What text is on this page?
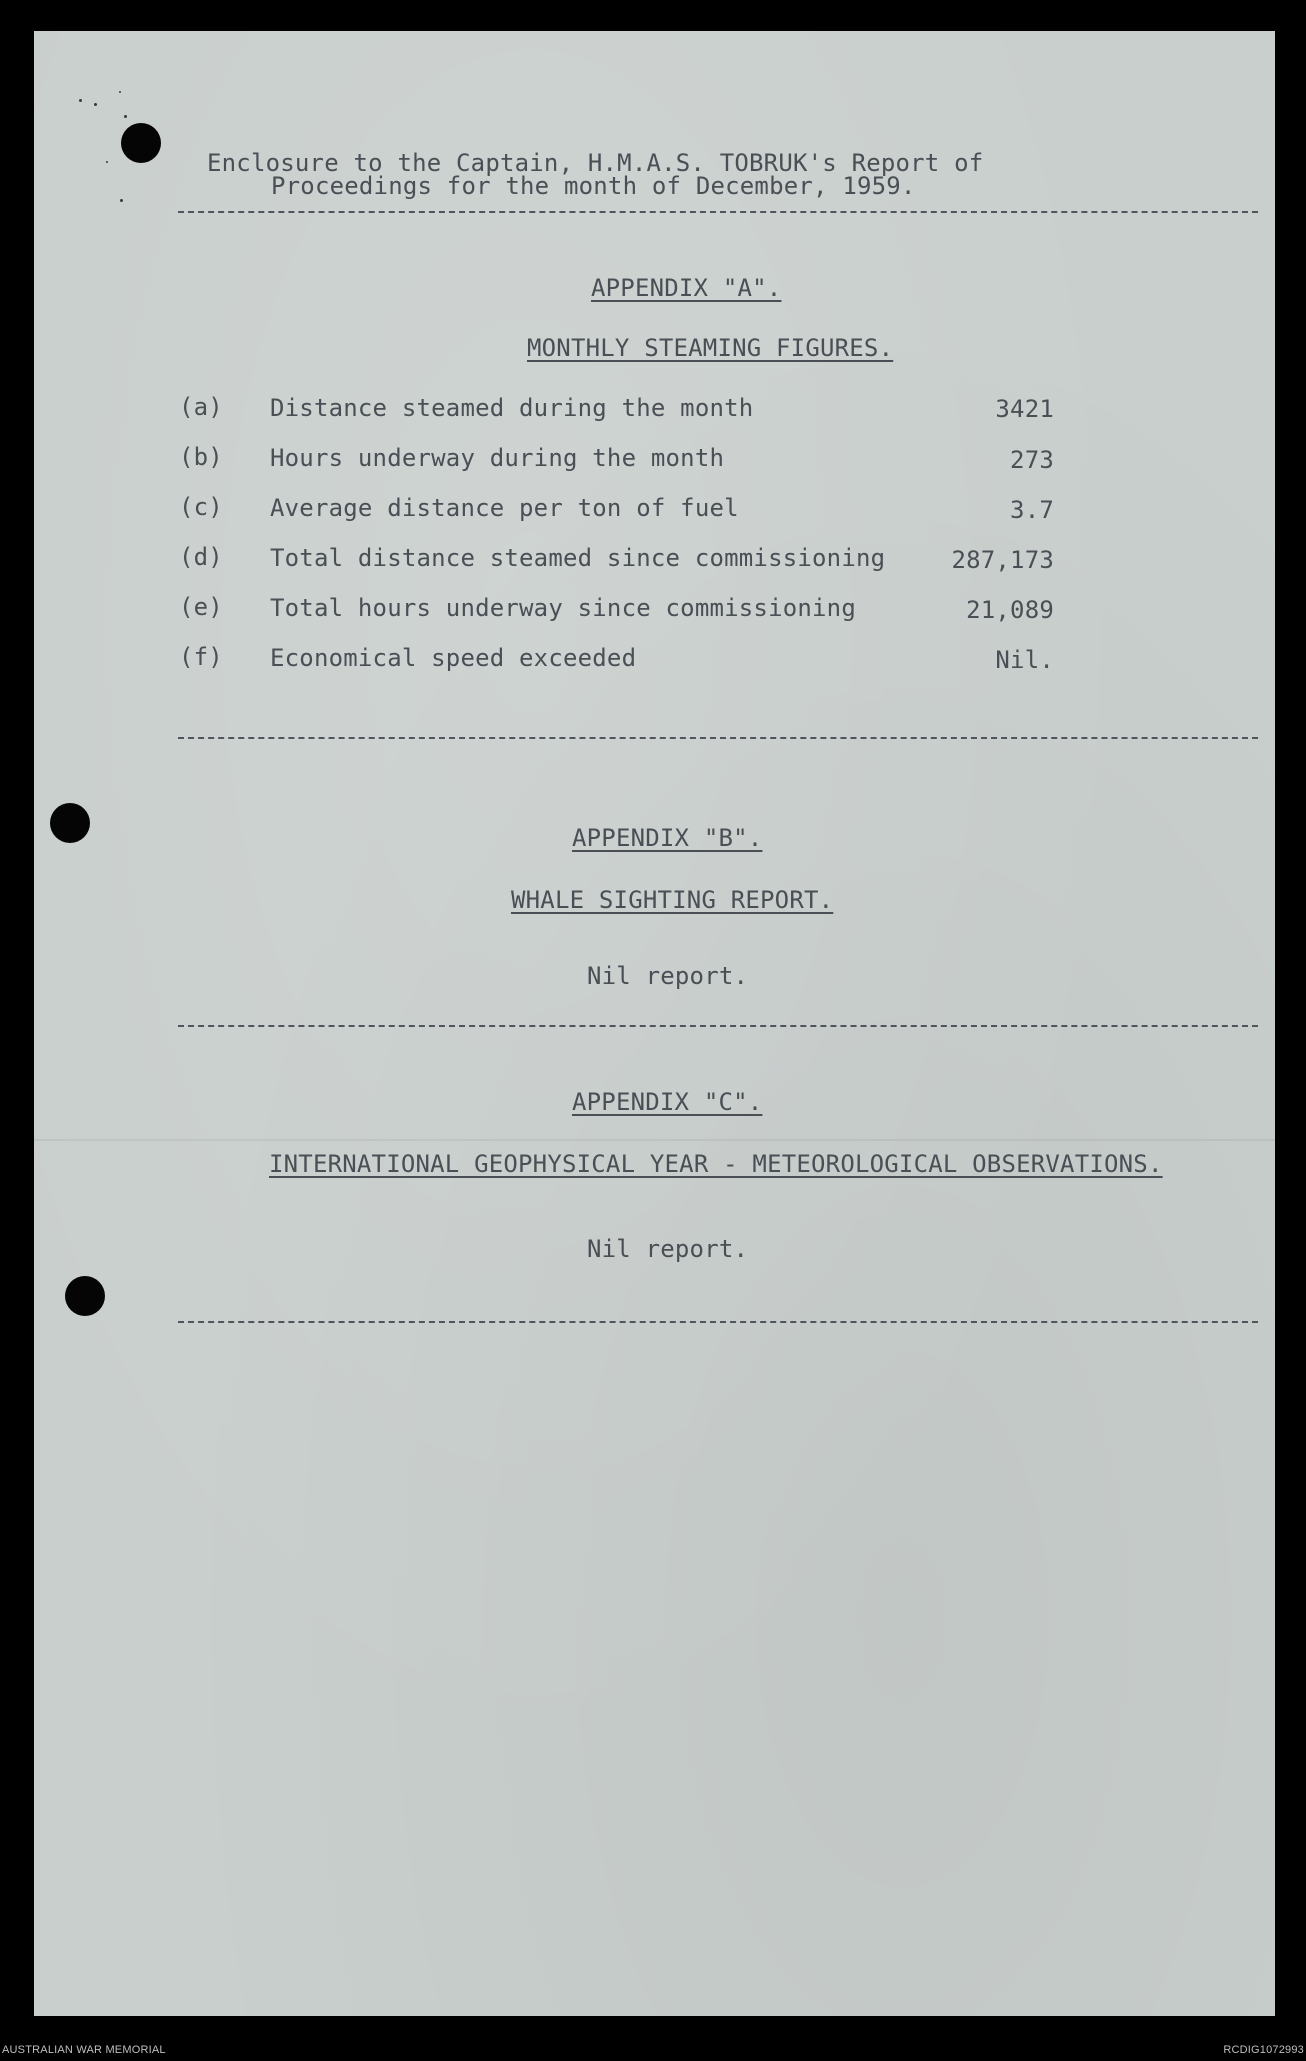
Enclosure to the Captain, H.M.A.S. TOBRUK's Report of
Proceedings for the month of December, 1959.
APPENDIX "A".
MONTHLY STEAMING FIGURES.
(a) Distance steamed during the month	3421
(b) Hours underway during the month	273
(c) Average distance per ton of fuel	3.7
(d) Total distance steamed since commissioning	287,173
(e) Total hours underway since commissioning	21,089
(f) Economical speed exceeded	Nil.
APPENDIX "B".
WHALE SIGHTING REPORT.
Nil report.
APPENDIX "C".
INTERNATIONAL GEOPHYSICAL YEAR - METEOROLOGICAL OBSERVATIONS.
Nil report.
AUSTRALIAN WAR MEMORIAL	RCDIG1072993
